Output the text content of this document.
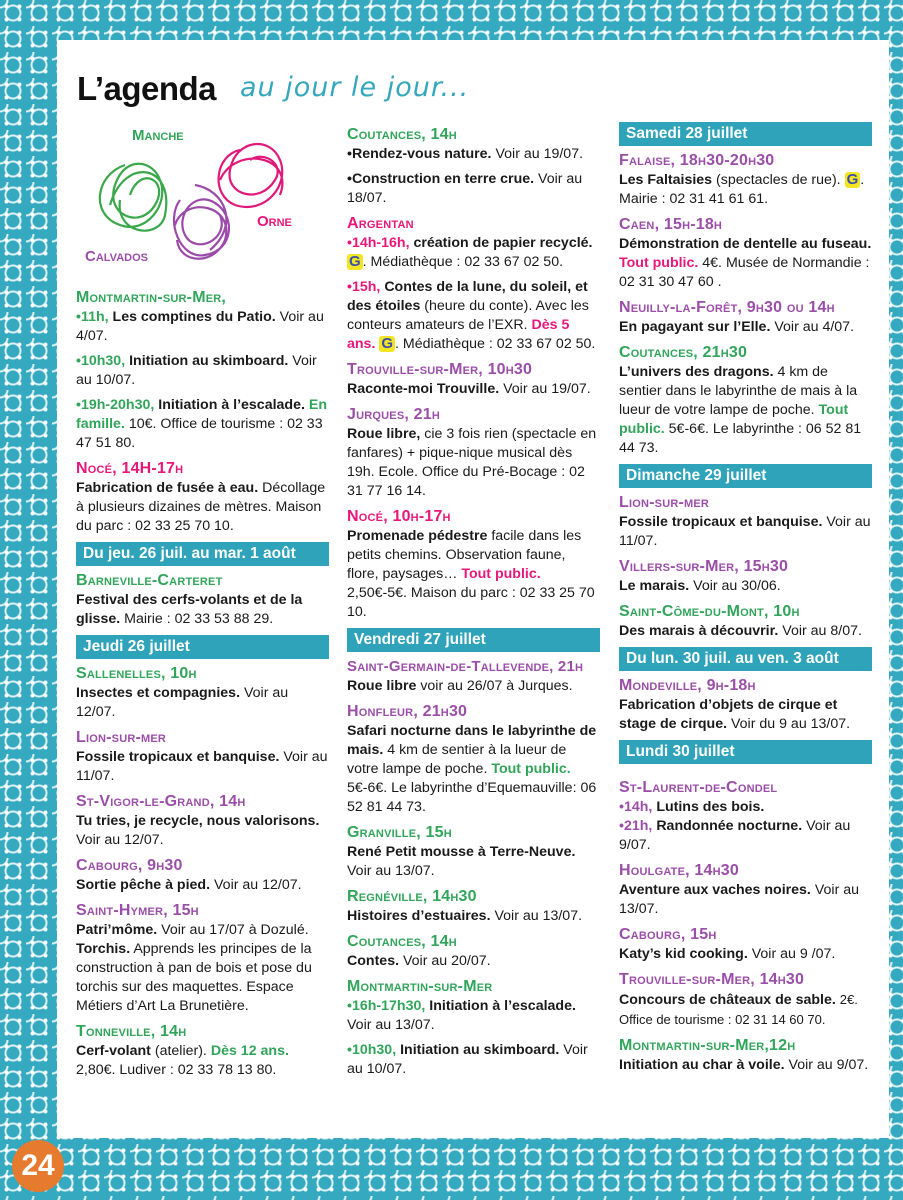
L’agenda au jour le jour...
Manche
Orne
Calvados
Montmartin-sur-Mer,
•11h, Les comptines du Patio. Voir au 4/07.
•10h30, Initiation au skimboard. Voir au 10/07.
•19h-20h30, Initiation à l’escalade. En famille. 10€. Office de tourisme : 02 33 47 51 80.
Nocé, 14H-17h
Fabrication de fusée à eau. Décollage à plusieurs dizaines de mètres. Maison du parc : 02 33 25 70 10.
Du jeu. 26 juil. au mar. 1 août
Barneville-Carteret
Festival des cerfs-volants et de la glisse. Mairie : 02 33 53 88 29.
Jeudi 26 juillet
Sallenelles, 10h
Insectes et compagnies. Voir au 12/07.
Lion-sur-mer
Fossile tropicaux et banquise. Voir au 11/07.
St-Vigor-le-Grand, 14h
Tu tries, je recycle, nous valorisons. Voir au 12/07.
Cabourg, 9h30
Sortie pêche à pied. Voir au 12/07.
Saint-Hymer, 15h
Patri’môme. Voir au 17/07 à Dozulé. Torchis. Apprends les principes de la construction à pan de bois et pose du torchis sur des maquettes. Espace Métiers d’Art La Brunetière.
Tonneville, 14h
Cerf-volant (atelier). Dès 12 ans. 2,80€. Ludiver : 02 33 78 13 80.
Coutances, 14h
•Rendez-vous nature. Voir au 19/07.
•Construction en terre crue. Voir au 18/07.
Argentan
•14h-16h, création de papier recyclé. G . Médiathèque : 02 33 67 02 50.
•15h, Contes de la lune, du soleil, et des étoiles (heure du conte). Avec les conteurs amateurs de l’EXR. Dès 5 ans. G . Médiathèque : 02 33 67 02 50.
Trouville-sur-Mer, 10h30
Raconte-moi Trouville. Voir au 19/07.
Jurques, 21h
Roue libre, cie 3 fois rien (spectacle en fanfares) + pique-nique musical dès 19h. Ecole. Office du Pré-Bocage : 02 31 77 16 14.
Nocé, 10h-17h
Promenade pédestre facile dans les petits chemins. Observation faune, flore, paysages… Tout public. 2,50€-5€. Maison du parc : 02 33 25 70 10.
Vendredi 27 juillet
Saint-Germain-de-Tallevende, 21h
Roue libre voir au 26/07 à Jurques.
Honfleur, 21h30
Safari nocturne dans le labyrinthe de mais. 4 km de sentier à la lueur de votre lampe de poche. Tout public. 5€-6€. Le labyrinthe d’Equemauville: 06 52 81 44 73.
Granville, 15h
René Petit mousse à Terre-Neuve. Voir au 13/07.
Regnéville, 14h30
Histoires d’estuaires. Voir au 13/07.
Coutances, 14h
Contes. Voir au 20/07.
Montmartin-sur-Mer
•16h-17h30, Initiation à l’escalade. Voir au 13/07.
•10h30, Initiation au skimboard. Voir au 10/07.
Samedi 28 juillet
Falaise, 18h30-20h30
Les Faltaisies (spectacles de rue). G . Mairie : 02 31 41 61 61.
Caen, 15h-18h
Démonstration de dentelle au fuseau. Tout public. 4€. Musée de Normandie : 02 31 30 47 60 .
Neuilly-la-Forêt, 9h30 ou 14h
En pagayant sur l’Elle. Voir au 4/07.
Coutances, 21h30
L’univers des dragons. 4 km de sentier dans le labyrinthe de mais à la lueur de votre lampe de poche. Tout public. 5€-6€. Le labyrinthe : 06 52 81 44 73.
Dimanche 29 juillet
Lion-sur-mer
Fossile tropicaux et banquise. Voir au 11/07.
Villers-sur-Mer, 15h30
Le marais. Voir au 30/06.
Saint-Côme-du-Mont, 10h
Des marais à découvrir. Voir au 8/07.
Du lun. 30 juil. au ven. 3 août
Mondeville, 9h-18h
Fabrication d’objets de cirque et stage de cirque. Voir du 9 au 13/07.
Lundi 30 juillet
St-Laurent-de-Condel
•14h, Lutins des bois.
•21h, Randonnée nocturne. Voir au 9/07.
Houlgate, 14h30
Aventure aux vaches noires. Voir au 13/07.
Cabourg, 15h
Katy’s kid cooking. Voir au 9 /07.
Trouville-sur-Mer, 14h30
Concours de châteaux de sable. 2€. Office de tourisme : 02 31 14 60 70.
Montmartin-sur-Mer,12h
Initiation au char à voile. Voir au 9/07.
24
